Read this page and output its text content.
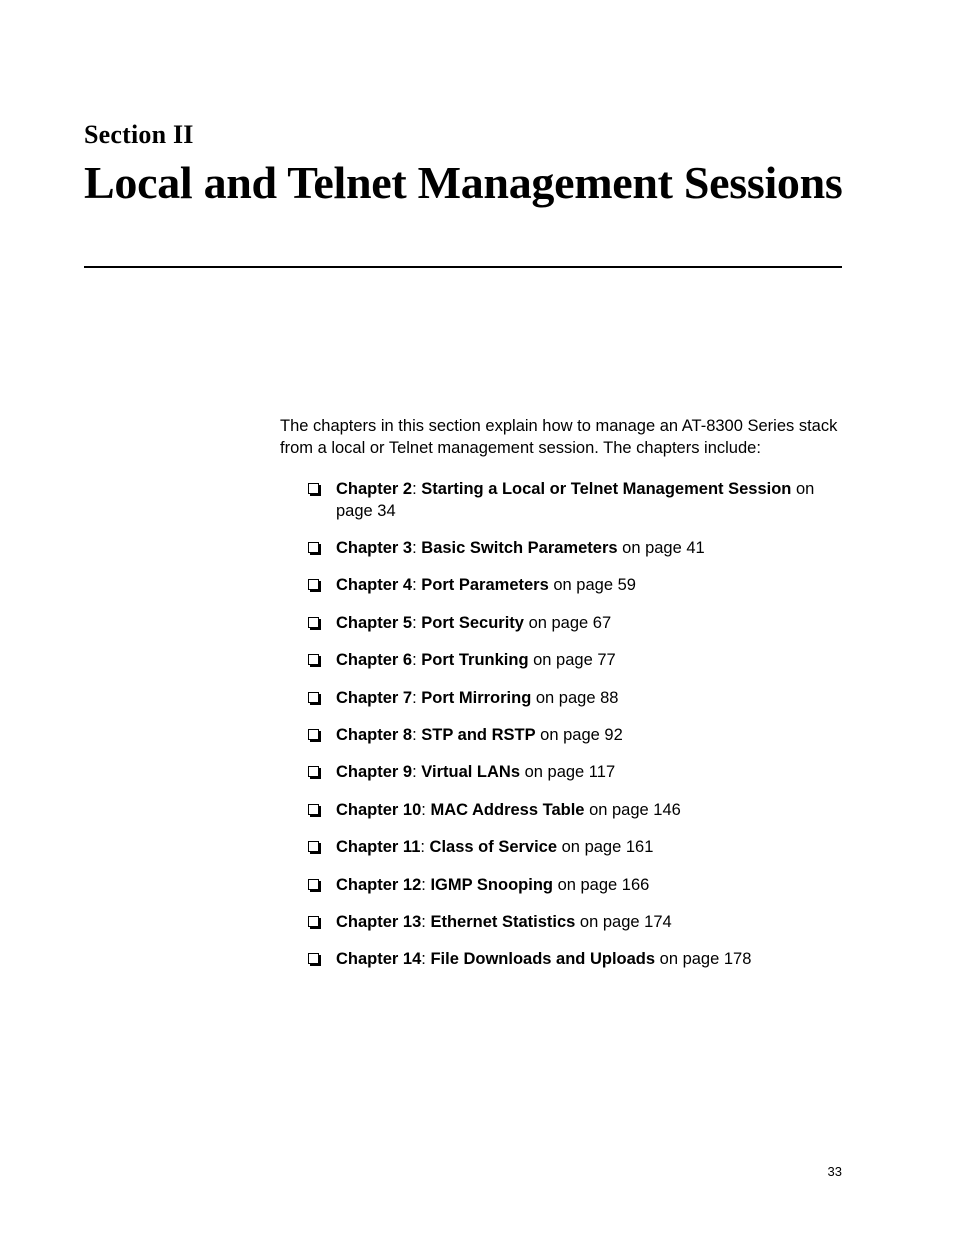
Section II
Local and Telnet Management Sessions

The chapters in this section explain how to manage an AT-8300 Series stack from a local or Telnet management session. The chapters include:

Chapter 2: Starting a Local or Telnet Management Session on page 34
Chapter 3: Basic Switch Parameters on page 41
Chapter 4: Port Parameters on page 59
Chapter 5: Port Security on page 67
Chapter 6: Port Trunking on page 77
Chapter 7: Port Mirroring on page 88
Chapter 8: STP and RSTP on page 92
Chapter 9: Virtual LANs on page 117
Chapter 10: MAC Address Table on page 146
Chapter 11: Class of Service on page 161
Chapter 12: IGMP Snooping on page 166
Chapter 13: Ethernet Statistics on page 174
Chapter 14: File Downloads and Uploads on page 178
33
